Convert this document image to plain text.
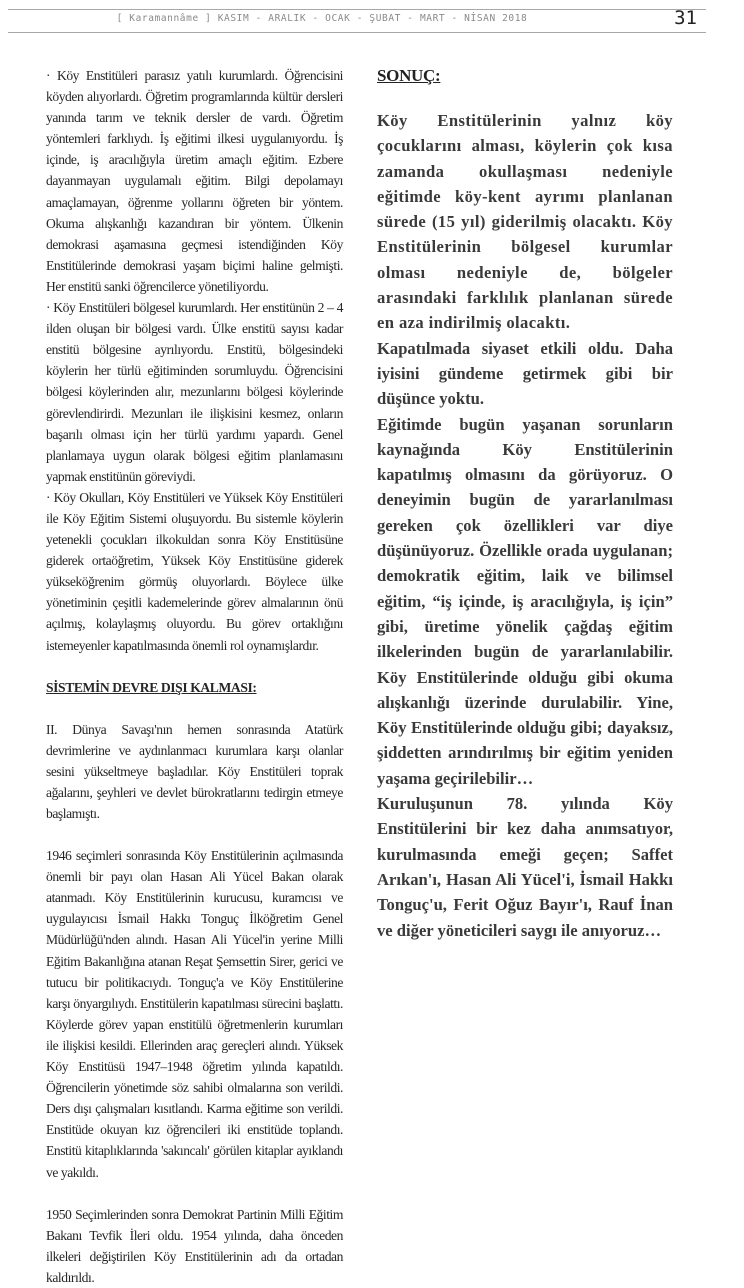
[ Karamannâme ] KASIM - ARALIK - OCAK - ŞUBAT - MART - NİSAN 2018	31

· Köy Enstitüleri parasız yatılı kurumlardı. Öğrencisini köyden alıyorlardı. Öğretim programlarında kültür dersleri yanında tarım ve teknik dersler de vardı. Öğretim yöntemleri farklıydı. İş eğitimi ilkesi uygulanıyordu. İş içinde, iş aracılığıyla üretim amaçlı eğitim. Ezbere dayanmayan uygulamalı eğitim. Bilgi depolamayı amaçlamayan, öğrenme yollarını öğreten bir yöntem. Okuma alışkanlığı kazandıran bir yöntem. Ülkenin demokrasi aşamasına geçmesi istendiğinden Köy Enstitülerinde demokrasi yaşam biçimi haline gelmişti. Her enstitü sanki öğrencilerce yönetiliyordu.

· Köy Enstitüleri bölgesel kurumlardı. Her enstitünün 2 – 4 ilden oluşan bir bölgesi vardı. Ülke enstitü sayısı kadar enstitü bölgesine ayrılıyordu. Enstitü, bölgesindeki köylerin her türlü eğitiminden sorumluydu. Öğrencisini bölgesi köylerinden alır, mezunlarını bölgesi köylerinde görevlendirirdi. Mezunları ile ilişkisini kesmez, onların başarılı olması için her türlü yardımı yapardı. Genel planlamaya uygun olarak bölgesi eğitim planlamasını yapmak enstitünün göreviydi.

· Köy Okulları, Köy Enstitüleri ve Yüksek Köy Enstitüleri ile Köy Eğitim Sistemi oluşuyordu. Bu sistemle köylerin yetenekli çocukları ilkokuldan sonra Köy Enstitüsüne giderek ortaöğretim, Yüksek Köy Enstitüsüne giderek yükseköğrenim görmüş oluyorlardı. Böylece ülke yönetiminin çeşitli kademelerinde görev almalarının önü açılmış, kolaylaşmış oluyordu. Bu görev ortaklığını istemeyenler kapatılmasında önemli rol oynamışlardır.

SİSTEMİN DEVRE DIŞI KALMASI:

II. Dünya Savaşı'nın hemen sonrasında Atatürk devrimlerine ve aydınlanmacı kurumlara karşı olanlar sesini yükseltmeye başladılar. Köy Enstitüleri toprak ağalarını, şeyhleri ve devlet bürokratlarını tedirgin etmeye başlamıştı.

1946 seçimleri sonrasında Köy Enstitülerinin açılmasında önemli bir payı olan Hasan Ali Yücel Bakan olarak atanmadı. Köy Enstitülerinin kurucusu, kuramcısı ve uygulayıcısı İsmail Hakkı Tonguç İlköğretim Genel Müdürlüğü'nden alındı. Hasan Ali Yücel'in yerine Milli Eğitim Bakanlığına atanan Reşat Şemsettin Sirer, gerici ve tutucu bir politikacıydı. Tonguç'a ve Köy Enstitülerine karşı önyargılıydı. Enstitülerin kapatılması sürecini başlattı. Köylerde görev yapan enstitülü öğretmenlerin kurumları ile ilişkisi kesildi. Ellerinden araç gereçleri alındı. Yüksek Köy Enstitüsü 1947–1948 öğretim yılında kapatıldı. Öğrencilerin yönetimde söz sahibi olmalarına son verildi. Ders dışı çalışmaları kısıtlandı. Karma eğitime son verildi. Enstitüde okuyan kız öğrencileri iki enstitüde toplandı. Enstitü kitaplıklarında 'sakıncalı' görülen kitaplar ayıklandı ve yakıldı.

1950 Seçimlerinden sonra Demokrat Partinin Milli Eğitim Bakanı Tevfik İleri oldu. 1954 yılında, daha önceden ilkeleri değiştirilen Köy Enstitülerinin adı da ortadan kaldırıldı.

SONUÇ:

Köy Enstitülerinin yalnız köy çocuklarını alması, köylerin çok kısa zamanda okullaşması nedeniyle eğitimde köy-kent ayrımı planlanan sürede (15 yıl) giderilmiş olacaktı. Köy Enstitülerinin bölgesel kurumlar olması nedeniyle de, bölgeler arasındaki farklılık planlanan sürede en aza indirilmiş olacaktı.

Kapatılmada siyaset etkili oldu. Daha iyisini gündeme getirmek gibi bir düşünce yoktu.

Eğitimde bugün yaşanan sorunların kaynağında Köy Enstitülerinin kapatılmış olmasını da görüyoruz. O deneyimin bugün de yararlanılması gereken çok özellikleri var diye düşünüyoruz. Özellikle orada uygulanan; demokratik eğitim, laik ve bilimsel eğitim, “iş içinde, iş aracılığıyla, iş için” gibi, üretime yönelik çağdaş eğitim ilkelerinden bugün de yararlanılabilir. Köy Enstitülerinde olduğu gibi okuma alışkanlığı üzerinde durulabilir. Yine, Köy Enstitülerinde olduğu gibi; dayaksız, şiddetten arındırılmış bir eğitim yeniden yaşama geçirilebilir…

Kuruluşunun 78. yılında Köy Enstitülerini bir kez daha anımsatıyor, kurulmasında emeği geçen; Saffet Arıkan'ı, Hasan Ali Yücel'i, İsmail Hakkı Tonguç'u, Ferit Oğuz Bayır'ı, Rauf İnan ve diğer yöneticileri saygı ile anıyoruz…
